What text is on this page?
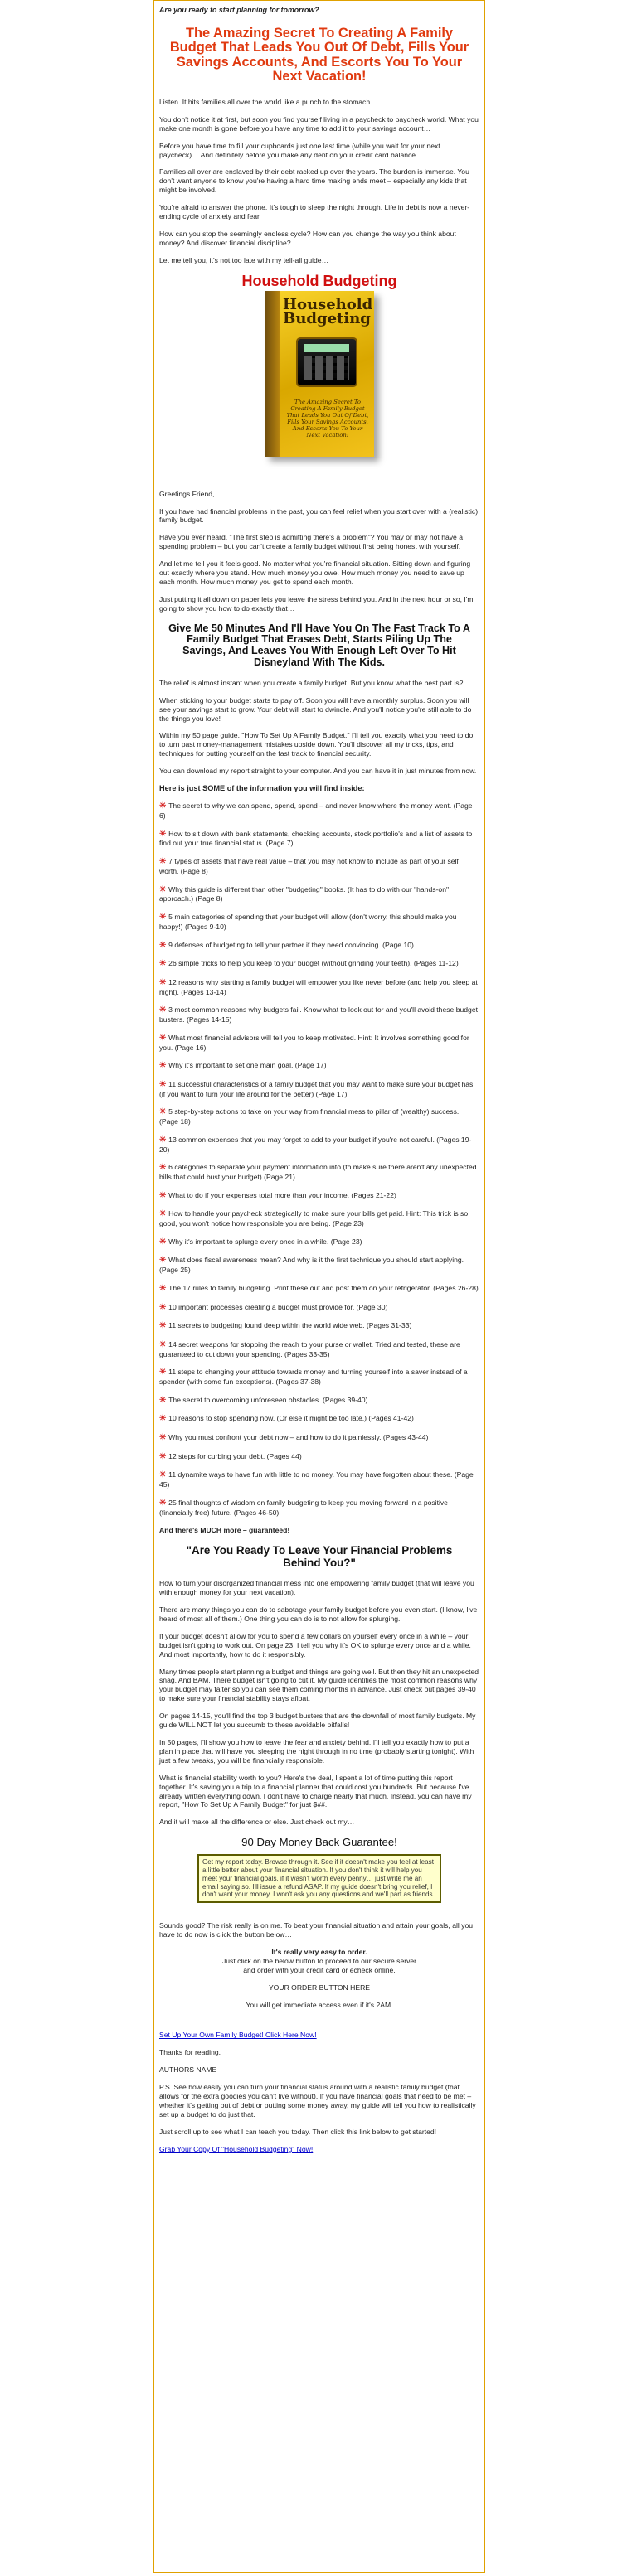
Are you ready to start planning for tomorrow?
The Amazing Secret To Creating A Family Budget That Leads You Out Of Debt, Fills Your Savings Accounts, And Escorts You To Your Next Vacation!

Listen. It hits families all over the world like a punch to the stomach.

You don't notice it at first, but soon you find yourself living in a paycheck to paycheck world. What you make one month is gone before you have any time to add it to your savings account…

Before you have time to fill your cupboards just one last time (while you wait for your next paycheck)… And definitely before you make any dent on your credit card balance.

Families all over are enslaved by their debt racked up over the years. The burden is immense. You don't want anyone to know you're having a hard time making ends meet – especially any kids that might be involved.

You're afraid to answer the phone. It's tough to sleep the night through. Life in debt is now a never-ending cycle of anxiety and fear.

How can you stop the seemingly endless cycle? How can you change the way you think about money? And discover financial discipline?

Let me tell you, it's not too late with my tell-all guide…

Household Budgeting
Household Budgeting
The Amazing Secret To Creating A Family Budget That Leads You Out Of Debt, Fills Your Savings Accounts, And Escorts You To Your Next Vacation!

Greetings Friend,

If you have had financial problems in the past, you can feel relief when you start over with a (realistic) family budget.

Have you ever heard, "The first step is admitting there's a problem"? You may or may not have a spending problem – but you can't create a family budget without first being honest with yourself.

And let me tell you it feels good. No matter what you're financial situation. Sitting down and figuring out exactly where you stand. How much money you owe. How much money you need to save up each month. How much money you get to spend each month.

Just putting it all down on paper lets you leave the stress behind you. And in the next hour or so, I'm going to show you how to do exactly that…

Give Me 50 Minutes And I'll Have You On The Fast Track To A Family Budget That Erases Debt, Starts Piling Up The Savings, And Leaves You With Enough Left Over To Hit Disneyland With The Kids.

The relief is almost instant when you create a family budget. But you know what the best part is?

When sticking to your budget starts to pay off. Soon you will have a monthly surplus. Soon you will see your savings start to grow. Your debt will start to dwindle. And you'll notice you're still able to do the things you love!

Within my 50 page guide, "How To Set Up A Family Budget," I'll tell you exactly what you need to do to turn past money-management mistakes upside down. You'll discover all my tricks, tips, and techniques for putting yourself on the fast track to financial security.

You can download my report straight to your computer. And you can have it in just minutes from now.

Here is just SOME of the information you will find inside:

✳ The secret to why we can spend, spend, spend – and never know where the money went. (Page 6)

✳ How to sit down with bank statements, checking accounts, stock portfolio's and a list of assets to find out your true financial status. (Page 7)

✳ 7 types of assets that have real value – that you may not know to include as part of your self worth. (Page 8)

✳ Why this guide is different than other "budgeting" books. (It has to do with our "hands-on" approach.) (Page 8)

✳ 5 main categories of spending that your budget will allow (don't worry, this should make you happy!) (Pages 9-10)

✳ 9 defenses of budgeting to tell your partner if they need convincing. (Page 10)

✳ 26 simple tricks to help you keep to your budget (without grinding your teeth). (Pages 11-12)

✳ 12 reasons why starting a family budget will empower you like never before (and help you sleep at night). (Pages 13-14)

✳ 3 most common reasons why budgets fail. Know what to look out for and you'll avoid these budget busters. (Pages 14-15)

✳ What most financial advisors will tell you to keep motivated. Hint: It involves something good for you. (Page 16)

✳ Why it's important to set one main goal. (Page 17)

✳ 11 successful characteristics of a family budget that you may want to make sure your budget has (if you want to turn your life around for the better) (Page 17)

✳ 5 step-by-step actions to take on your way from financial mess to pillar of (wealthy) success. (Page 18)

✳ 13 common expenses that you may forget to add to your budget if you're not careful. (Pages 19-20)

✳ 6 categories to separate your payment information into (to make sure there aren't any unexpected bills that could bust your budget) (Page 21)

✳ What to do if your expenses total more than your income. (Pages 21-22)

✳ How to handle your paycheck strategically to make sure your bills get paid. Hint: This trick is so good, you won't notice how responsible you are being. (Page 23)

✳ Why it's important to splurge every once in a while. (Page 23)

✳ What does fiscal awareness mean? And why is it the first technique you should start applying. (Page 25)

✳ The 17 rules to family budgeting. Print these out and post them on your refrigerator. (Pages 26-28)

✳ 10 important processes creating a budget must provide for. (Page 30)

✳ 11 secrets to budgeting found deep within the world wide web. (Pages 31-33)

✳ 14 secret weapons for stopping the reach to your purse or wallet. Tried and tested, these are guaranteed to cut down your spending. (Pages 33-35)

✳ 11 steps to changing your attitude towards money and turning yourself into a saver instead of a spender (with some fun exceptions). (Pages 37-38)

✳ The secret to overcoming unforeseen obstacles. (Pages 39-40)

✳ 10 reasons to stop spending now. (Or else it might be too late.) (Pages 41-42)

✳ Why you must confront your debt now – and how to do it painlessly. (Pages 43-44)

✳ 12 steps for curbing your debt. (Pages 44)

✳ 11 dynamite ways to have fun with little to no money. You may have forgotten about these. (Page 45)

✳ 25 final thoughts of wisdom on family budgeting to keep you moving forward in a positive (financially free) future. (Pages 46-50)

And there's MUCH more – guaranteed!

"Are You Ready To Leave Your Financial Problems Behind You?"

How to turn your disorganized financial mess into one empowering family budget (that will leave you with enough money for your next vacation).

There are many things you can do to sabotage your family budget before you even start. (I know, I've heard of most all of them.) One thing you can do is to not allow for splurging.

If your budget doesn't allow for you to spend a few dollars on yourself every once in a while – your budget isn't going to work out. On page 23, I tell you why it's OK to splurge every once and a while. And most importantly, how to do it responsibly.

Many times people start planning a budget and things are going well. But then they hit an unexpected snag. And BAM. There budget isn't going to cut it. My guide identifies the most common reasons why your budget may falter so you can see them coming months in advance. Just check out pages 39-40 to make sure your financial stability stays afloat.

On pages 14-15, you'll find the top 3 budget busters that are the downfall of most family budgets. My guide WILL NOT let you succumb to these avoidable pitfalls!

In 50 pages, I'll show you how to leave the fear and anxiety behind. I'll tell you exactly how to put a plan in place that will have you sleeping the night through in no time (probably starting tonight). With just a few tweaks, you will be financially responsible.

What is financial stability worth to you? Here's the deal, I spent a lot of time putting this report together. It's saving you a trip to a financial planner that could cost you hundreds. But because I've already written everything down, I don't have to charge nearly that much. Instead, you can have my report, "How To Set Up A Family Budget" for just $##.

And it will make all the difference or else. Just check out my…

90 Day Money Back Guarantee!
Get my report today. Browse through it. See if it doesn't make you feel at least a little better about your financial situation. If you don't think it will help you meet your financial goals, if it wasn't worth every penny… just write me an email saying so. I'll issue a refund ASAP. If my guide doesn't bring you relief, I don't want your money. I won't ask you any questions and we'll part as friends.

Sounds good? The risk really is on me. To beat your financial situation and attain your goals, all you have to do now is click the button below…

It's really very easy to order.
Just click on the below button to proceed to our secure server
and order with your credit card or echeck online.
YOUR ORDER BUTTON HERE
You will get immediate access even if it's 2AM.

Set Up Your Own Family Budget! Click Here Now!

Thanks for reading,

AUTHORS NAME

P.S. See how easily you can turn your financial status around with a realistic family budget (that allows for the extra goodies you can't live without). If you have financial goals that need to be met – whether it's getting out of debt or putting some money away, my guide will tell you how to realistically set up a budget to do just that.

Just scroll up to see what I can teach you today. Then click this link below to get started!

Grab Your Copy Of "Household Budgeting" Now!
